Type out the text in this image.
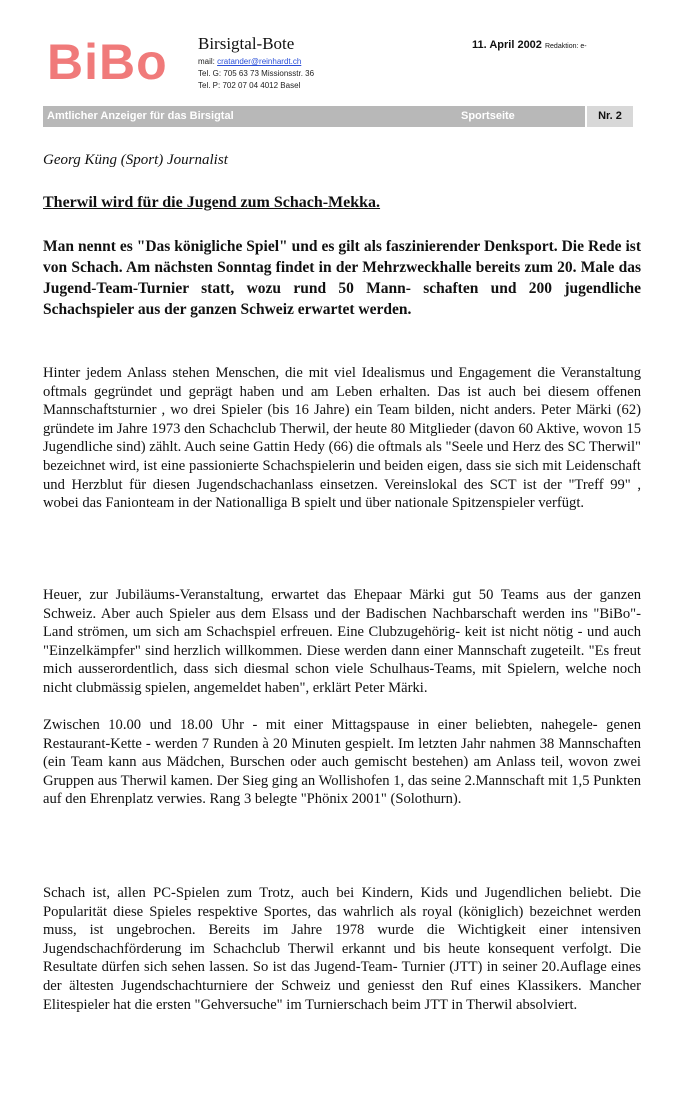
BiBo Birsigtal-Bote
mail: cratander@reinhardt.ch
Tel. G: 705 63 73 Missionsstr. 36
Tel. P: 702 07 04 4012 Basel
11. April 2002 Redaktion: e-
Amtlicher Anzeiger für das Birsigtal	Sportseite	Nr. 2
Georg Küng (Sport) Journalist
Therwil wird für die Jugend zum Schach-Mekka.
Man nennt es "Das königliche Spiel" und es gilt als faszinierender Denksport. Die Rede ist von Schach. Am nächsten Sonntag findet in der Mehrzweckhalle bereits zum 20. Male das Jugend-Team-Turnier statt, wozu rund 50 Mann- schaften und 200 jugendliche Schachspieler aus der ganzen Schweiz erwartet werden.
Hinter jedem Anlass stehen Menschen, die mit viel Idealismus und Engagement die Veranstaltung oftmals gegründet und geprägt haben und am Leben erhalten. Das ist auch bei diesem offenen Mannschaftsturnier , wo drei Spieler (bis 16 Jahre) ein Team bilden, nicht anders. Peter Märki (62) gründete im Jahre 1973 den Schachclub Therwil, der heute 80 Mitglieder (davon 60 Aktive, wovon 15 Jugendliche sind) zählt. Auch seine Gattin Hedy (66) die oftmals als "Seele und Herz des SC Therwil" bezeichnet wird, ist eine passionierte Schachspielerin und beiden eigen, dass sie sich mit Leidenschaft und Herzblut für diesen Jugendschachanlass einsetzen. Vereinslokal des SCT ist der "Treff 99" , wobei das Fanionteam in der Nationalliga B spielt und über nationale Spitzenspieler verfügt.
Heuer, zur Jubiläums-Veranstaltung, erwartet das Ehepaar Märki gut 50 Teams aus der ganzen Schweiz. Aber auch Spieler aus dem Elsass und der Badischen Nachbarschaft werden ins "BiBo"-Land strömen, um sich am Schachspiel erfreuen. Eine Clubzugehörig- keit ist nicht nötig - und auch "Einzelkämpfer" sind herzlich willkommen. Diese werden dann einer Mannschaft zugeteilt. "Es freut mich ausserordentlich, dass sich diesmal schon viele Schulhaus-Teams, mit Spielern, welche noch nicht clubmässig spielen, angemeldet haben", erklärt Peter Märki.
Zwischen 10.00 und 18.00 Uhr - mit einer Mittagspause in einer beliebten, nahegele- genen Restaurant-Kette - werden 7 Runden à 20 Minuten gespielt. Im letzten Jahr nahmen 38 Mannschaften (ein Team kann aus Mädchen, Burschen oder auch gemischt bestehen) am Anlass teil, wovon zwei Gruppen aus Therwil kamen. Der Sieg ging an Wollishofen 1, das seine 2.Mannschaft mit 1,5 Punkten auf den Ehrenplatz verwies. Rang 3 belegte "Phönix 2001" (Solothurn).
Schach ist, allen PC-Spielen zum Trotz, auch bei Kindern, Kids und Jugendlichen beliebt. Die Popularität diese Spieles respektive Sportes, das wahrlich als royal (königlich) bezeichnet werden muss, ist ungebrochen. Bereits im Jahre 1978 wurde die Wichtigkeit einer intensiven Jugendschachförderung im Schachclub Therwil erkannt und bis heute konsequent verfolgt. Die Resultate dürfen sich sehen lassen. So ist das Jugend-Team- Turnier (JTT) in seiner 20.Auflage eines der ältesten Jugendschachturniere der Schweiz und geniesst den Ruf eines Klassikers. Mancher Elitespieler hat die ersten "Gehversuche" im Turnierschach beim JTT in Therwil absolviert.
